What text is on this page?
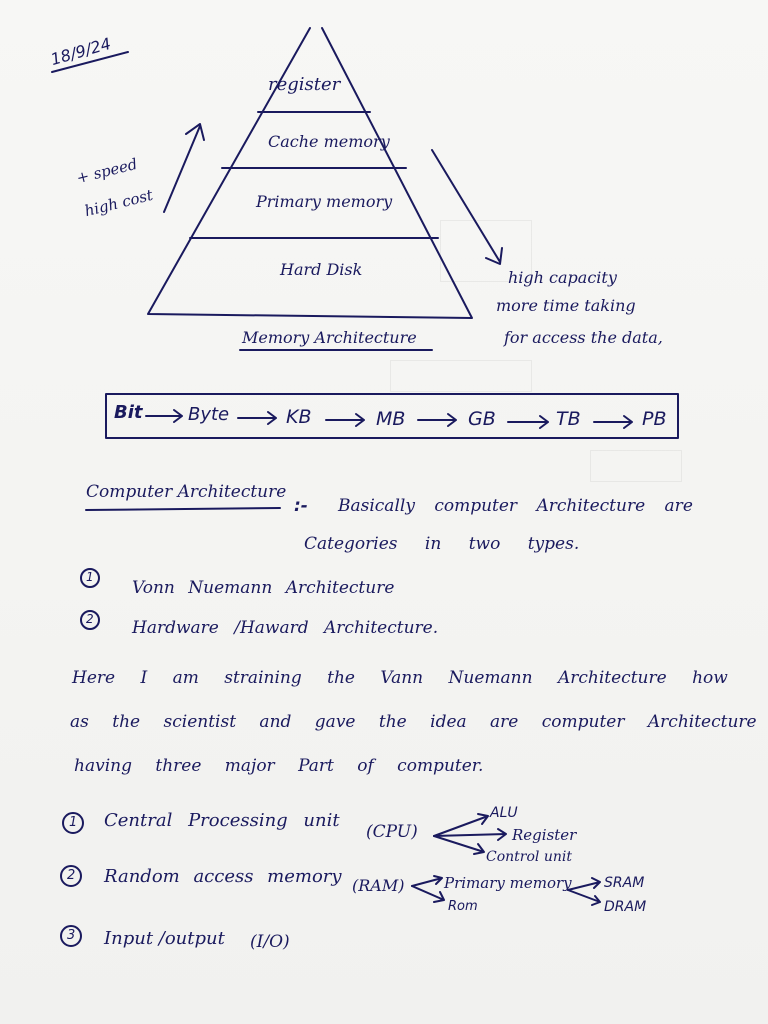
18/9/24
register
Cache memory
Primary memory
Hard Disk
+ speed
high cost
high capacity
more time taking
for access the data,
Memory Architecture
Bit	Byte	KB	MB	GB	TB	PB
Computer Architecture
:- Basically computer Architecture are
Categories in two types.
1
Vonn Nuemann Architecture
2 Hardware /Haward Architecture.
Here I am straining the Vann Nuemann Architecture how
as the scientist and gave the idea are computer Architecture
having three major Part of computer.
1 Central Processing unit
(CPU)
ALU
Register
Control unit
2 Random access memory (RAM)	Primary memory
Rom
SRAM
DRAM
3 Input /output (I/O)
